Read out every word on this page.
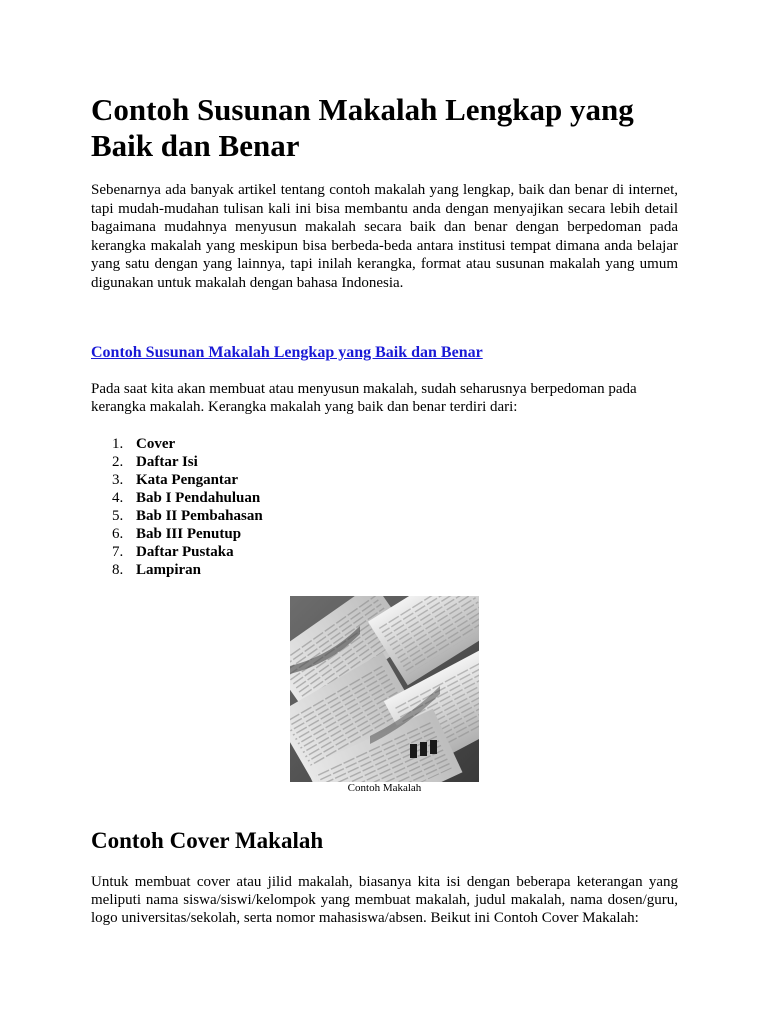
Contoh Susunan Makalah Lengkap yang Baik dan Benar

Sebenarnya ada banyak artikel tentang contoh makalah yang lengkap, baik dan benar di internet, tapi mudah-mudahan tulisan kali ini bisa membantu anda dengan menyajikan secara lebih detail bagaimana mudahnya menyusun makalah secara baik dan benar dengan berpedoman pada kerangka makalah yang meskipun bisa berbeda-beda antara institusi tempat dimana anda belajar yang satu dengan yang lainnya, tapi inilah kerangka, format atau susunan makalah yang umum digunakan untuk makalah dengan bahasa Indonesia.

Contoh Susunan Makalah Lengkap yang Baik dan Benar

Pada saat kita akan membuat atau menyusun makalah, sudah seharusnya berpedoman pada kerangka makalah. Kerangka makalah yang baik dan benar terdiri dari:

1. Cover
2. Daftar Isi
3. Kata Pengantar
4. Bab I Pendahuluan
5. Bab II Pembahasan
6. Bab III Penutup
7. Daftar Pustaka
8. Lampiran
Contoh Makalah
Contoh Cover Makalah

Untuk membuat cover atau jilid makalah, biasanya kita isi dengan beberapa keterangan yang meliputi nama siswa/siswi/kelompok yang membuat makalah, judul makalah, nama dosen/guru, logo universitas/sekolah, serta nomor mahasiswa/absen. Beikut ini Contoh Cover Makalah:
